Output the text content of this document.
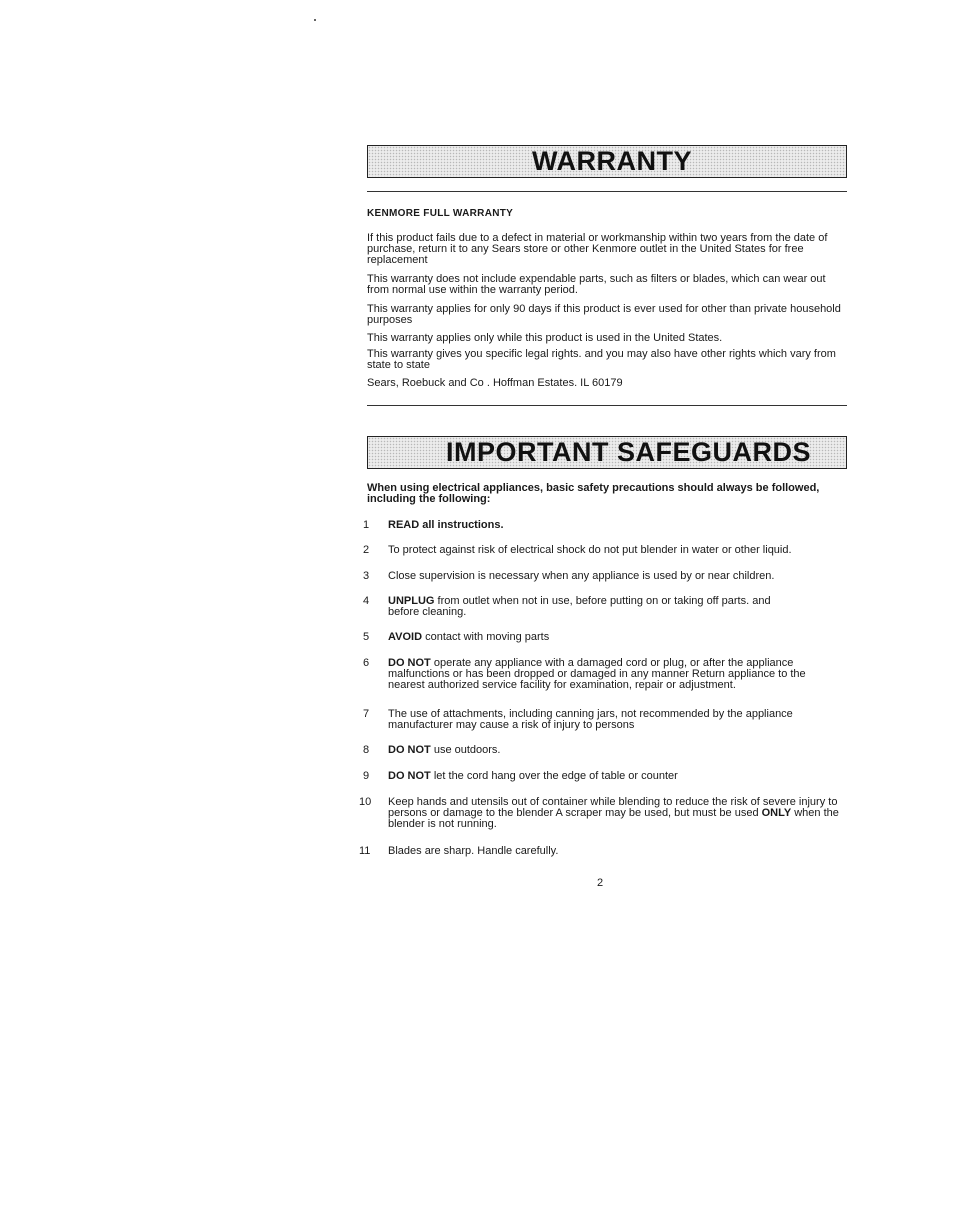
WARRANTY
KENMORE FULL WARRANTY

If this product fails due to a defect in material or workmanship within two years from the date of purchase, return it to any Sears store or other Kenmore outlet in the United States for free replacement

This warranty does not include expendable parts, such as filters or blades, which can wear out from normal use within the warranty period.

This warranty applies for only 90 days if this product is ever used for other than private household purposes

This warranty applies only while this product is used in the United States.

This warranty gives you specific legal rights. and you may also have other rights which vary from state to state

Sears, Roebuck and Co . Hoffman Estates. IL 60179

IMPORTANT SAFEGUARDS

When using electrical appliances, basic safety precautions should always be followed, including the following:

1	READ all instructions.
2	To protect against risk of electrical shock do not put blender in water or other liquid.
3	Close supervision is necessary when any appliance is used by or near children.
4	UNPLUG from outlet when not in use, before putting on or taking off parts. and before cleaning.
5	AVOID contact with moving parts
6	DO NOT operate any appliance with a damaged cord or plug, or after the appliance malfunctions or has been dropped or damaged in any manner Return appliance to the nearest authorized service facility for examination, repair or adjustment.
7	The use of attachments, including canning jars, not recommended by the appliance manufacturer may cause a risk of injury to persons
8	DO NOT use outdoors.
9	DO NOT let the cord hang over the edge of table or counter
10	Keep hands and utensils out of container while blending to reduce the risk of severe injury to persons or damage to the blender A scraper may be used, but must be used ONLY when the blender is not running.
11	Blades are sharp. Handle carefully.
2
